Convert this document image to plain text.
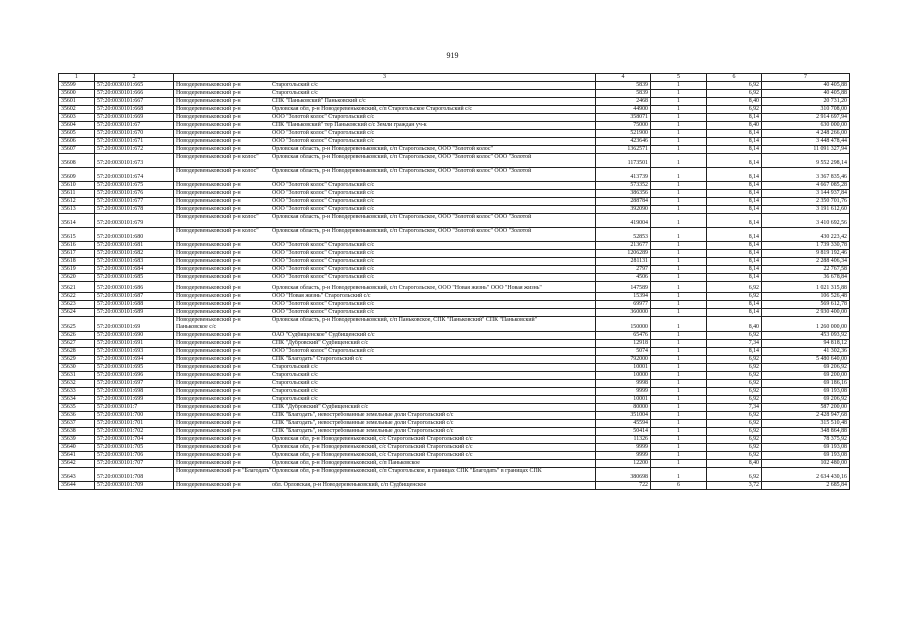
919
1	2	3	4	5	6	7
35599	57:20:0030101:665	Новодеревеньковский р-н Старогольский с/с	5839	1	6,92	40 405,88
35600	57:20:0030101:666	Новодеревеньковский р-н Старогольский с/с	5839	1	6,92	40 405,88
35601	57:20:0030101:667	Новодеревеньковский р-н СПК "Паньковский" Паньковский с/с	2468	1	8,40	20 731,20
35602	57:20:0030101:668	Новодеревеньковский р-н Орловская обл, р-н Новодеревеньковский, с/п Старогольское Старогольский с/с	44900	1	6,92	310 708,00
35603	57:20:0030101:669	Новодеревеньковский р-н ООО "Золотой колос" Старогольский с/с	358071	1	8,14	2 914 697,94
35604	57:20:0030101:67	Новодеревеньковский р-н СПК "Паньковский" тер Паньковский с/с Земли граждан уч-к	75000	1	8,40	630 000,00
35605	57:20:0030101:670	Новодеревеньковский р-н ООО "Золотой колос" Старогольский с/с	521900	1	8,14	4 248 266,00
35606	57:20:0030101:671	Новодеревеньковский р-н ООО "Золотой колос" Старогольский с/с	423646	1	8,14	3 448 478,44
35607	57:20:0030101:672	Новодеревеньковский р-н Орловская область, р-н Новодеревеньковский, с/п Старогольское, ООО "Золотой колос"	1362571	1	8,14	11 091 327,94
35608	57:20:0030101:673	Новодеревеньковский р-н колос" Орловская область, р-н Новодеревеньковский, с/п Старогольское, ООО "Золотой колос" ООО "Золотой	1173501	1	8,14	9 552 298,14
35609	57:20:0030101:674	Новодеревеньковский р-н колос" Орловская область, р-н Новодеревеньковский, с/п Старогольское, ООО "Золотой колос" ООО "Золотой	413739	1	8,14	3 367 835,46
35610	57:20:0030101:675	Новодеревеньковский р-н ООО "Золотой колос" Старогольский с/с	573352	1	8,14	4 667 085,28
35611	57:20:0030101:676	Новодеревеньковский р-н ООО "Золотой колос" Старогольский с/с	386356	1	8,14	3 144 937,84
35612	57:20:0030101:677	Новодеревеньковский р-н ООО "Золотой колос" Старогольский с/с	288784	1	8,14	2 350 701,76
35613	57:20:0030101:678	Новодеревеньковский р-н ООО "Золотой колос" Старогольский с/с	392090	1	8,14	3 191 612,60
35614	57:20:0030101:679	Новодеревеньковский р-н колос" Орловская область, р-н Новодеревеньковский, с/п Старогольское, ООО "Золотой колос" ООО "Золотой	419004	1	8,14	3 410 692,56
35615	57:20:0030101:680	Новодеревеньковский р-н колос" Орловская область, р-н Новодеревеньковский, с/п Старогольское, ООО "Золотой колос" ООО "Золотой	52853	1	8,14	430 223,42
35616	57:20:0030101:681	Новодеревеньковский р-н ООО "Золотой колос" Старогольский с/с	213677	1	8,14	1 739 330,78
35617	57:20:0030101:682	Новодеревеньковский р-н ООО "Золотой колос" Старогольский с/с	1206289	1	8,14	9 819 192,46
35618	57:20:0030101:683	Новодеревеньковский р-н ООО "Золотой колос" Старогольский с/с	281131	1	8,14	2 288 406,34
35619	57:20:0030101:684	Новодеревеньковский р-н ООО "Золотой колос" Старогольский с/с	2797	1	8,14	22 767,58
35620	57:20:0030101:685	Новодеревеньковский р-н ООО "Золотой колос" Старогольский с/с	4506	1	8,14	36 678,84
35621	57:20:0030101:686	Новодеревеньковский р-н Орловская область, р-н Новодеревеньковский, с/п Старогольское, ООО "Новая жизнь" ООО "Новая жизнь"	147589	1	6,92	1 021 315,88
35622	57:20:0030101:687	Новодеревеньковский р-н ООО "Новая жизнь" Старогольский с/с	15394	1	6,92	106 526,48
35623	57:20:0030101:688	Новодеревеньковский р-н ООО "Золотой колос" Старогольский с/с	69977	1	8,14	569 612,78
35624	57:20:0030101:689	Новодеревеньковский р-н ООО "Золотой колос" Старогольский с/с	360000	1	8,14	2 930 400,00
35625	57:20:0030101:69	Новодеревеньковский р-н Паньковское с/сОрловская область, р-н Новодеревеньковский, с/п Паньковское, СПК "Паньковский" СПК "Паньковский"	150000	1	8,40	1 260 000,00
35626	57:20:0030101:690	Новодеревеньковский р-н ОАО "Судбищенское" Судбищенский с/с	65476	1	6,92	453 093,92
35627	57:20:0030101:691	Новодеревеньковский р-н СПК "Дубровский" Судбищенский с/с	12918	1	7,34	94 818,12
35628	57:20:0030101:693	Новодеревеньковский р-н ООО "Золотой колос" Старогольский с/с	5074	1	8,14	41 302,36
35629	57:20:0030101:694	Новодеревеньковский р-н СПК "Благодать" Старогольский с/с	792000	1	6,92	5 480 640,00
35630	57:20:0030101:695	Новодеревеньковский р-н Старогольский с/с	10001	1	6,92	69 206,92
35631	57:20:0030101:696	Новодеревеньковский р-н Старогольский с/с	10000	1	6,92	69 200,00
35632	57:20:0030101:697	Новодеревеньковский р-н Старогольский с/с	9998	1	6,92	69 186,16
35633	57:20:0030101:698	Новодеревеньковский р-н Старогольский с/с	9999	1	6,92	69 193,08
35634	57:20:0030101:699	Новодеревеньковский р-н Старогольский с/с	10001	1	6,92	69 206,92
35635	57:20:0030101:7	Новодеревеньковский р-н СПК "Дубровский" Судбищенский с/с	80000	1	7,34	587 200,00
35636	57:20:0030101:700	Новодеревеньковский р-н СПК "Благодать", невостребованные земельные доли Старогольский с/с	351004	1	6,92	2 428 947,68
35637	57:20:0030101:701	Новодеревеньковский р-н СПК "Благодать", невостребованные земельные доли Старогольский с/с	45594	1	6,92	315 510,48
35638	57:20:0030101:702	Новодеревеньковский р-н СПК "Благодать", невостребованные земельные доли Старогольский с/с	50414	1	6,92	348 864,88
35639	57:20:0030101:704	Новодеревеньковский р-н Орловская обл, р-н Новодеревеньковский, с/с Старогольский Старогольский с/с	11326	1	6,92	78 375,92
35640	57:20:0030101:705	Новодеревеньковский р-н Орловская обл, р-н Новодеревеньковский, с/с Старогольский Старогольский с/с	9999	1	6,92	69 193,08
35641	57:20:0030101:706	Новодеревеньковский р-н Орловская обл, р-н Новодеревеньковский, с/с Старогольский Старогольский с/с	9999	1	6,92	69 193,08
35642	57:20:0030101:707	Новодеревеньковский р-н Орловская обл, р-н Новодеревеньковский, с/п Паньковское	12200	1	8,40	102 480,00
35643	57:20:0030101:708	Новодеревеньковский р-н "Благодать"Орловская обл, р-н Новодеревеньковский, с/п Старогольское, в границах СПК "Благодать" в границах СПК	380698	1	6,92	2 634 430,16
35644	57:20:0030101:709	Новодеревеньковский р-н обл. Орловская, р-н Новодеревеньковский, с/п Судбищенское	722	6	3,72	2 685,84
